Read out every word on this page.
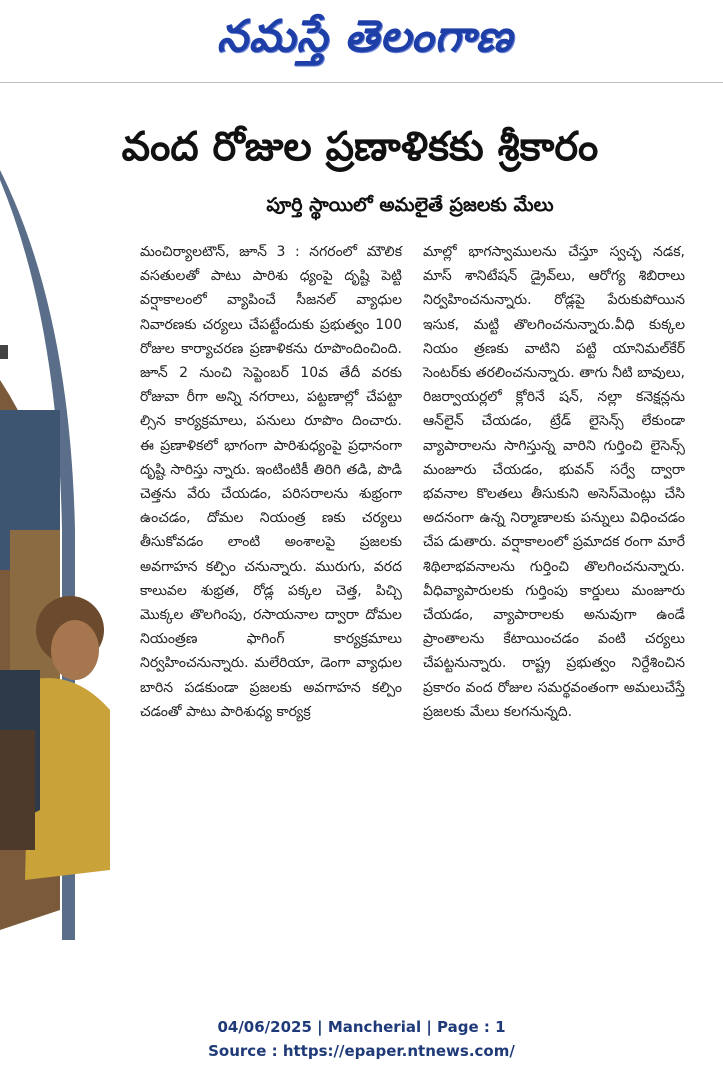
నమస్తే తెలంగాణ
వంద రోజుల ప్రణాళికకు శ్రీకారం
పూర్తి స్థాయిలో అమలైతే ప్రజలకు మేలు
మంచిర్యాలటౌన్, జూన్ 3 : నగరంలో మౌలిక వసతులతో పాటు పారిశు ధ్యంపై దృష్టి పెట్టి వర్షాకాలంలో వ్యాపించే సీజనల్ వ్యాధుల నివారణకు చర్యలు చేపట్టేందుకు ప్రభుత్వం 100 రోజుల కార్యాచరణ ప్రణాళికను రూపొందించింది. జూన్ 2 నుంచి సెప్టెంబర్ 10వ తేదీ వరకు రోజువా రీగా అన్ని నగరాలు, పట్టణాల్లో చేపట్టా ల్సిన కార్యక్రమాలు, పనులు రూపొం దించారు. ఈ ప్రణాళికలో భాగంగా పారిశుధ్యంపై ప్రధానంగా దృష్టి సారిస్తు న్నారు. ఇంటింటికీ తిరిగి తడి, పొడి చెత్తను వేరు చేయడం, పరిసరాలను శుభ్రంగా ఉంచడం, దోమల నియంత్ర ణకు చర్యలు తీసుకోవడం లాంటి అంశాలపై ప్రజలకు అవగాహన కల్పిం చనున్నారు. మురుగు, వరద కాలువల శుభ్రత, రోడ్ల పక్కల చెత్త, పిచ్చి మొక్కల తొలగింపు, రసాయనాల ద్వారా దోమల నియంత్రణ ఫాగింగ్ కార్యక్రమాలు నిర్వహించనున్నారు. మలేరియా, డెంగా వ్యాధుల బారిన పడకుండా ప్రజలకు అవగాహన కల్పిం చడంతో పాటు పారిశుధ్య కార్యక్ర
మాల్లో భాగస్వాములను చేస్తూ స్వచ్ఛ నడక, మాస్ శానిటేషన్ డ్రైవ్‌లు, ఆరోగ్య శిబిరాలు నిర్వహించనున్నారు. రోడ్లపై పేరుకుపోయిన ఇసుక, మట్టి తొలగించనున్నారు.వీధి కుక్కల నియం త్రణకు వాటిని పట్టి యానిమల్‌కేర్ సెంటర్‌కు తరలించనున్నారు. తాగు నీటి బావులు, రిజర్వాయర్లలో క్లోరినే షన్, నల్లా కనెక్షన్లను ఆన్‌లైన్ చేయడం, ట్రేడ్ లైసెన్స్ లేకుండా వ్యాపారాలను సాగిస్తున్న వారిని గుర్తించి లైసెన్స్ మంజూరు చేయడం, భువన్ సర్వే ద్వారా భవనాల కొలతలు తీసుకుని అసెస్‌మెంట్లు చేసి అదనంగా ఉన్న నిర్మాణాలకు పన్నులు విధించడం చేప డుతారు. వర్షాకాలంలో ప్రమాదక రంగా మారే శిథిలాభవనాలను గుర్తించి తొలగించనున్నారు. వీధివ్యాపారులకు గుర్తింపు కార్డులు మంజూరు చేయడం, వ్యాపారాలకు అనువుగా ఉండే ప్రాంతాలను కేటాయించడం వంటి చర్యలు చేపట్టనున్నారు. రాష్ట్ర ప్రభుత్వం నిర్దేశించిన ప్రకారం వంద రోజుల సమర్థవంతంగా అమలుచేస్తే ప్రజలకు మేలు కలగనున్నది.
04/06/2025 | Mancherial | Page : 1
Source : https://epaper.ntnews.com/
